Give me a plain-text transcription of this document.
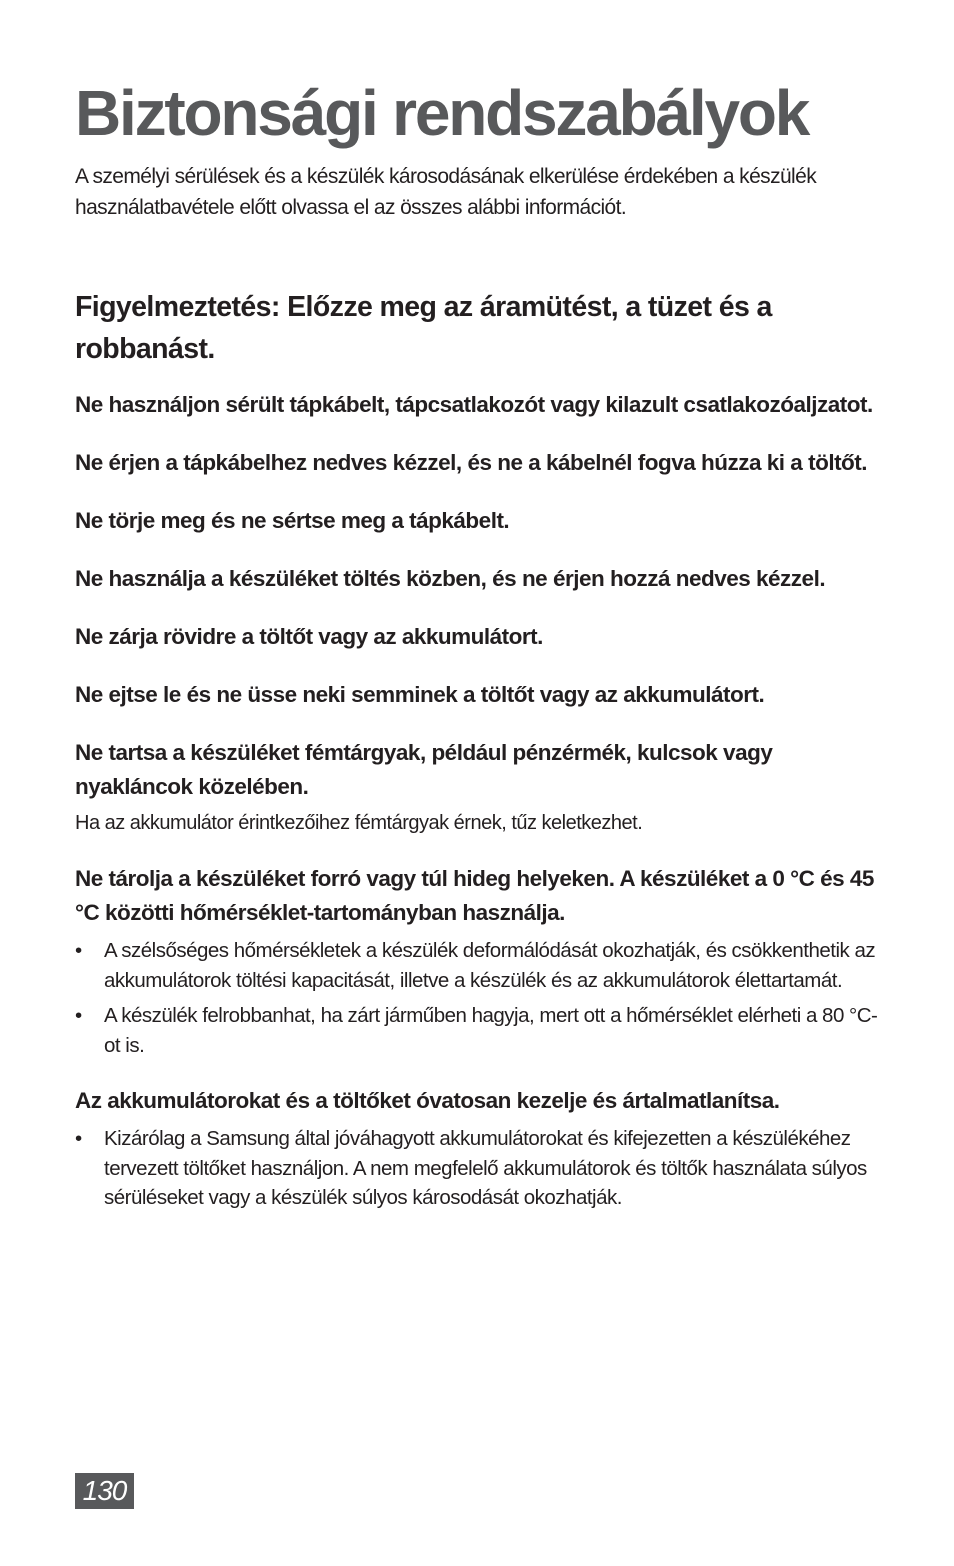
Biztonsági rendszabályok

A személyi sérülések és a készülék károsodásának elkerülése érdekében a készülék használatbavétele előtt olvassa el az összes alábbi információt.

Figyelmeztetés: Előzze meg az áramütést, a tüzet és a robbanást.

Ne használjon sérült tápkábelt, tápcsatlakozót vagy kilazult csatlakozóaljzatot.

Ne érjen a tápkábelhez nedves kézzel, és ne a kábelnél fogva húzza ki a töltőt.

Ne törje meg és ne sértse meg a tápkábelt.

Ne használja a készüléket töltés közben, és ne érjen hozzá nedves kézzel.

Ne zárja rövidre a töltőt vagy az akkumulátort.

Ne ejtse le és ne üsse neki semminek a töltőt vagy az akkumulátort.

Ne tartsa a készüléket fémtárgyak, például pénzérmék, kulcsok vagy nyakláncok közelében.

Ha az akkumulátor érintkezőihez fémtárgyak érnek, tűz keletkezhet.

Ne tárolja a készüléket forró vagy túl hideg helyeken. A készüléket a 0 °C és 45 °C közötti hőmérséklet-tartományban használja.

• A szélsőséges hőmérsékletek a készülék deformálódását okozhatják, és csökkenthetik az akkumulátorok töltési kapacitását, illetve a készülék és az akkumulátorok élettartamát.
• A készülék felrobbanhat, ha zárt járműben hagyja, mert ott a hőmérséklet elérheti a 80 °C-ot is.

Az akkumulátorokat és a töltőket óvatosan kezelje és ártalmatlanítsa.

• Kizárólag a Samsung által jóváhagyott akkumulátorokat és kifejezetten a készülékéhez tervezett töltőket használjon. A nem megfelelő akkumulátorok és töltők használata súlyos sérüléseket vagy a készülék súlyos károsodását okozhatják.
130
